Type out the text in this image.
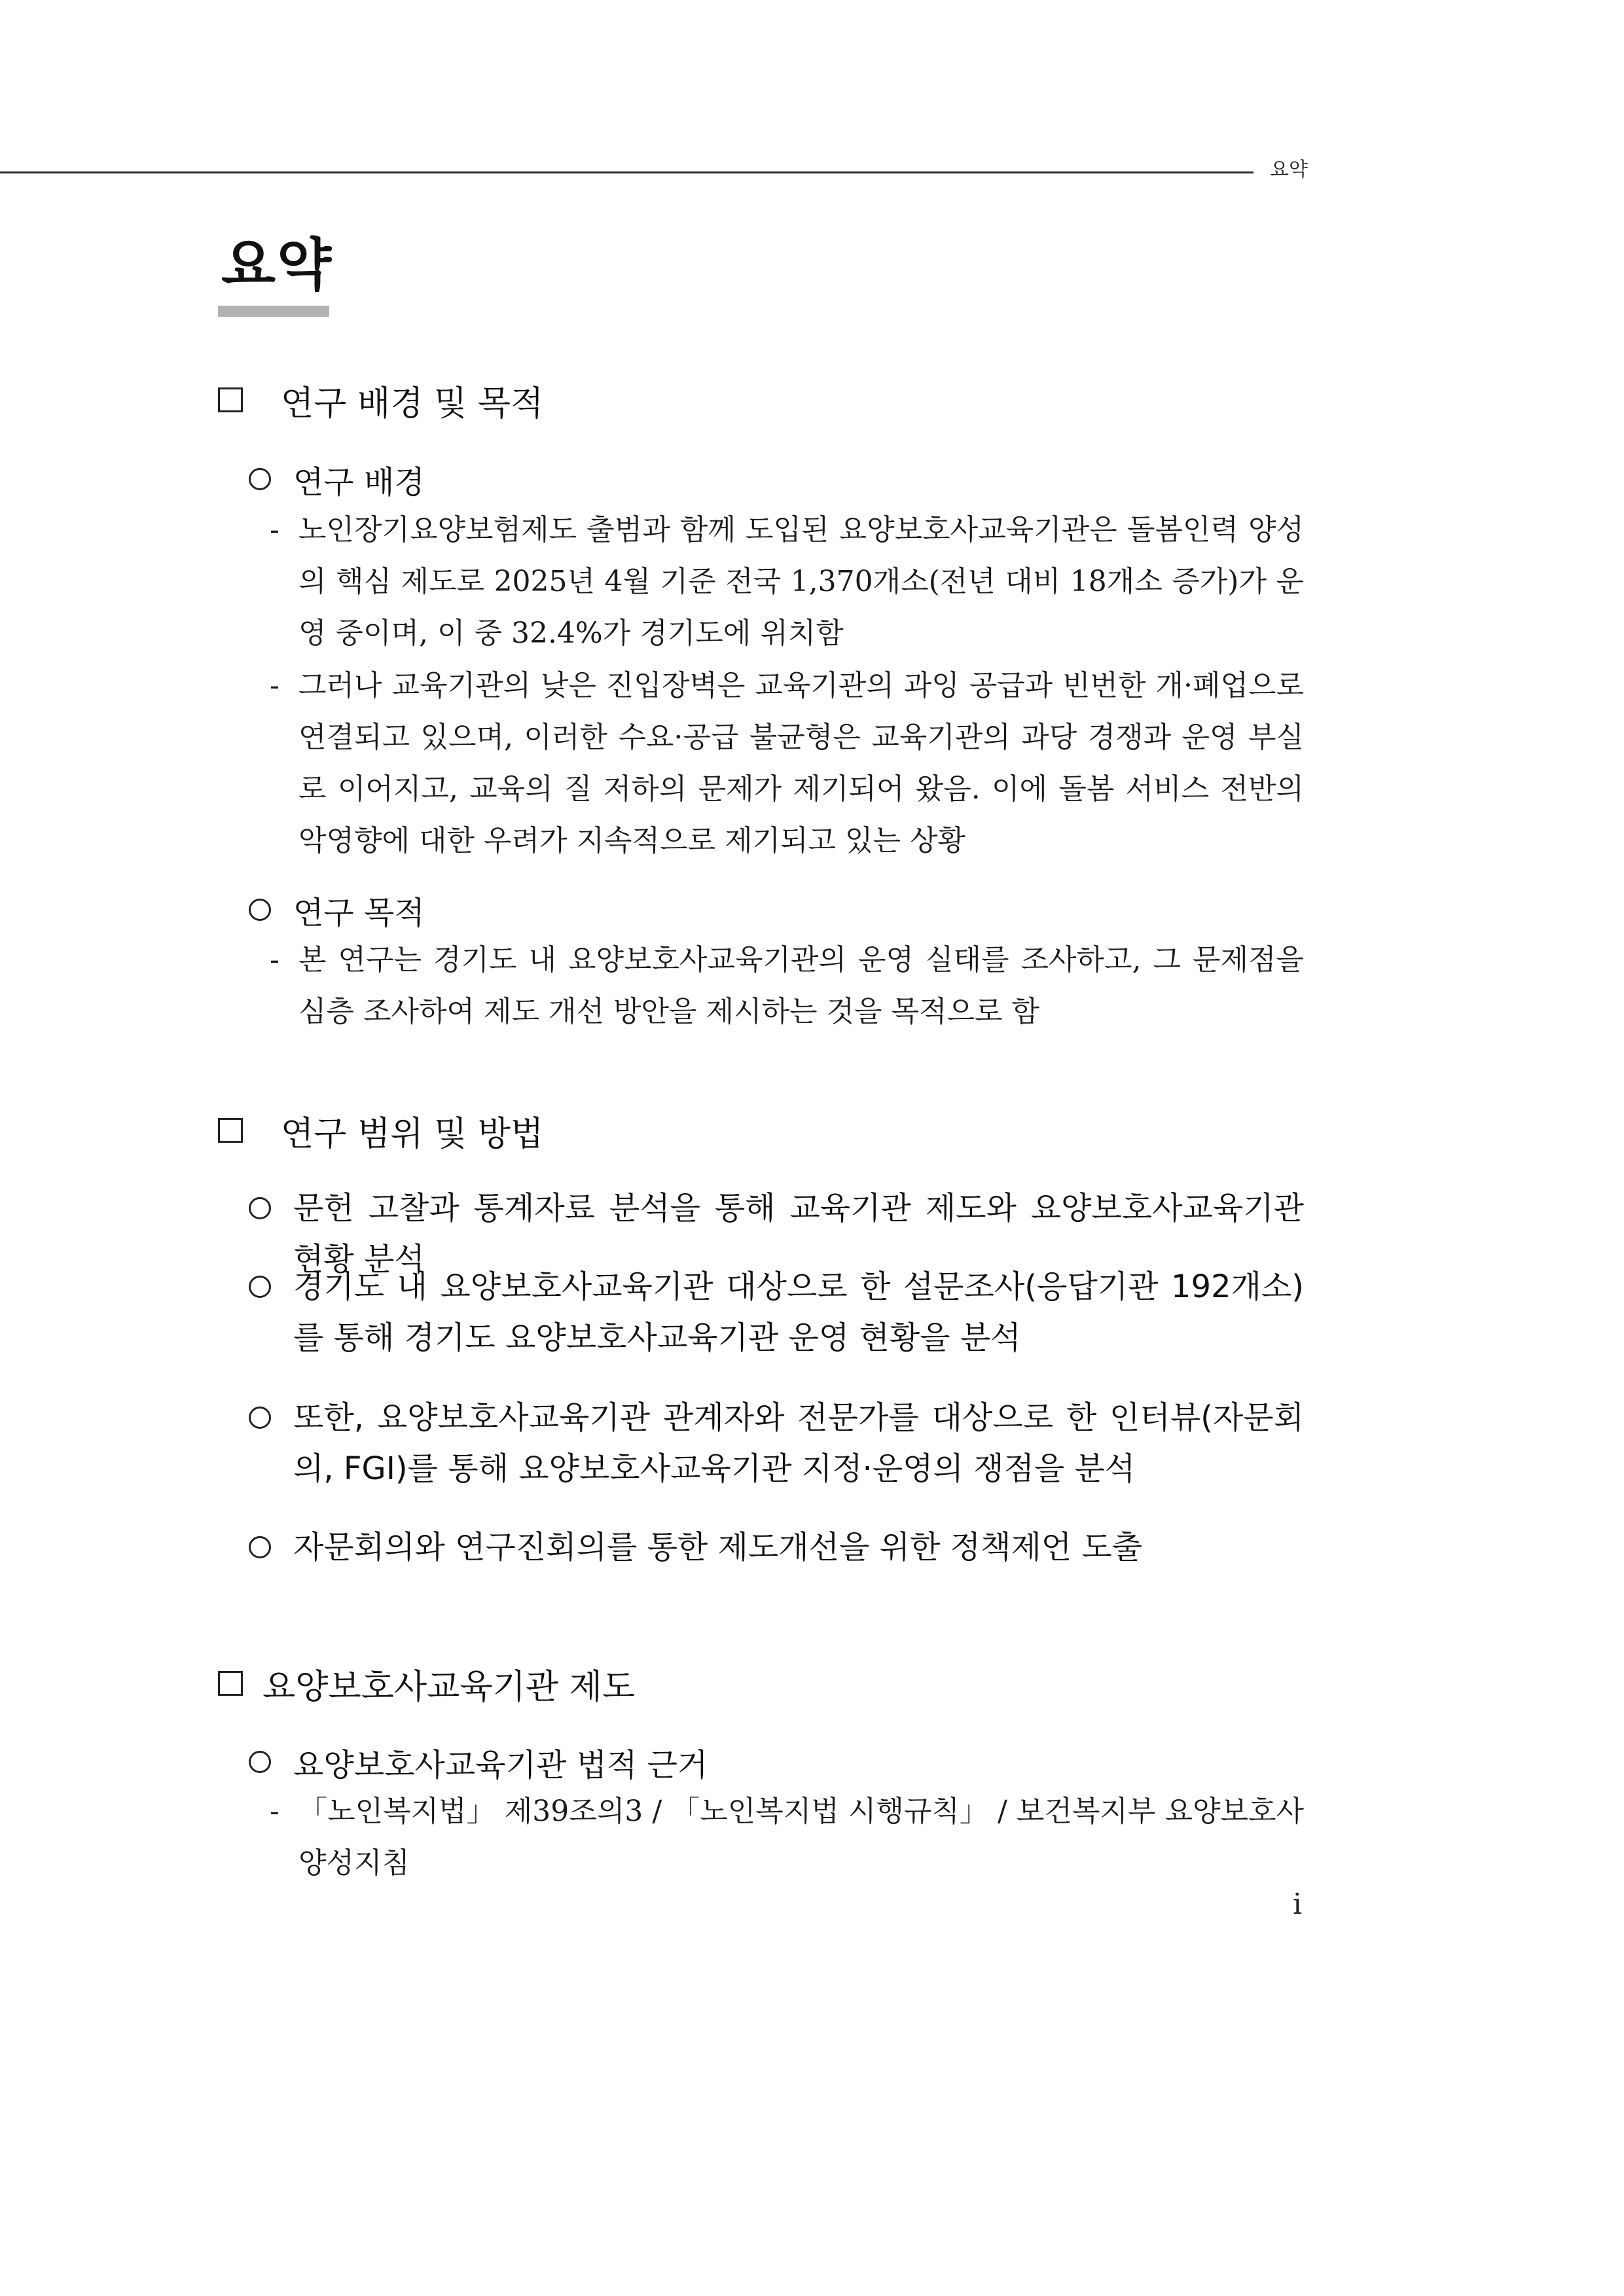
요약
요약
연구 배경 및 목적
연구 배경
- 노인장기요양보험제도 출범과 함께 도입된 요양보호사교육기관은 돌봄인력 양성의 핵심 제도로 2025년 4월 기준 전국 1,370개소(전년 대비 18개소 증가)가 운영 중이며, 이 중 32.4%가 경기도에 위치함
- 그러나 교육기관의 낮은 진입장벽은 교육기관의 과잉 공급과 빈번한 개·폐업으로 연결되고 있으며, 이러한 수요·공급 불균형은 교육기관의 과당 경쟁과 운영 부실로 이어지고, 교육의 질 저하의 문제가 제기되어 왔음. 이에 돌봄 서비스 전반의 악영향에 대한 우려가 지속적으로 제기되고 있는 상황
연구 목적
- 본 연구는 경기도 내 요양보호사교육기관의 운영 실태를 조사하고, 그 문제점을 심층 조사하여 제도 개선 방안을 제시하는 것을 목적으로 함
연구 범위 및 방법
문헌 고찰과 통계자료 분석을 통해 교육기관 제도와 요양보호사교육기관 현황 분석
경기도 내 요양보호사교육기관 대상으로 한 설문조사(응답기관 192개소)를 통해 경기도 요양보호사교육기관 운영 현황을 분석
또한, 요양보호사교육기관 관계자와 전문가를 대상으로 한 인터뷰(자문회의, FGI)를 통해 요양보호사교육기관 지정·운영의 쟁점을 분석
자문회의와 연구진회의를 통한 제도개선을 위한 정책제언 도출
요양보호사교육기관 제도
요양보호사교육기관 법적 근거
- 「노인복지법」 제39조의3 / 「노인복지법 시행규칙」 / 보건복지부 요양보호사 양성지침
i
